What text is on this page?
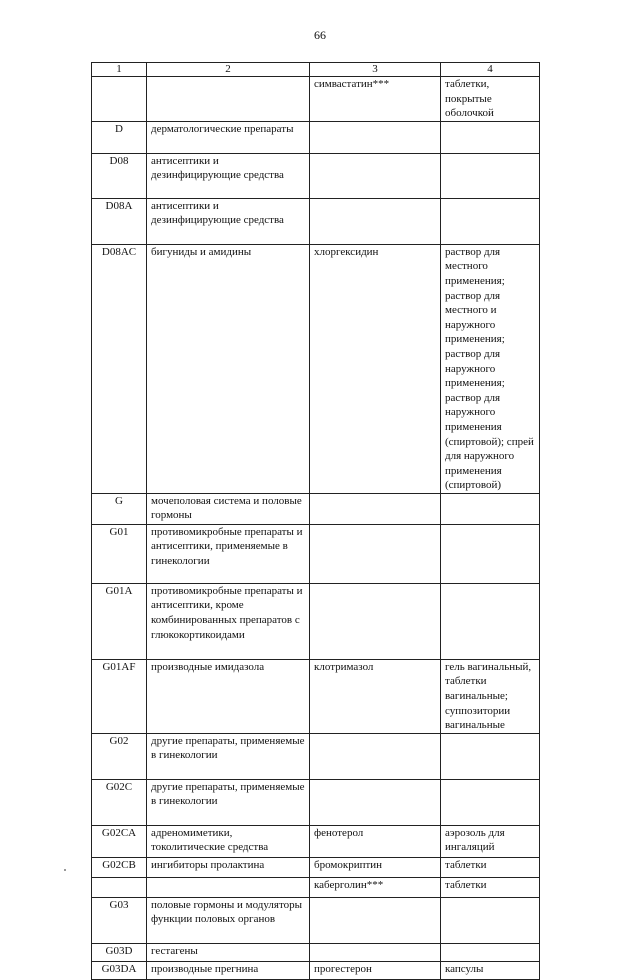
66
1	2	3	4
		симвастатин***	таблетки, покрытые оболочкой
D	дерматологические препараты		
D08	антисептики и дезинфицирующие средства		
D08A	антисептики и дезинфицирующие средства		
D08AC	бигуниды и амидины	хлоргексидин	раствор для местного применения; раствор для местного и наружного применения; раствор для наружного применения; раствор для наружного применения (спиртовой); спрей для наружного применения (спиртовой)
G	мочеполовая система и половые гормоны		
G01	противомикробные препараты и антисептики, применяемые в гинекологии		
G01A	противомикробные препараты и антисептики, кроме комбинированных препаратов с глюкокортикоидами		
G01AF	производные имидазола	клотримазол	гель вагинальный, таблетки вагинальные; суппозитории вагинальные
G02	другие препараты, применяемые в гинекологии		
G02C	другие препараты, применяемые в гинекологии		
G02CA	адреномиметики, токолитические средства	фенотерол	аэрозоль для ингаляций
G02CB	ингибиторы пролактина	бромокриптин	таблетки
		каберголин***	таблетки
G03	половые гормоны и модуляторы функции половых органов		
G03D	гестагены		
G03DA	производные прегнина	прогестерон	капсулы
